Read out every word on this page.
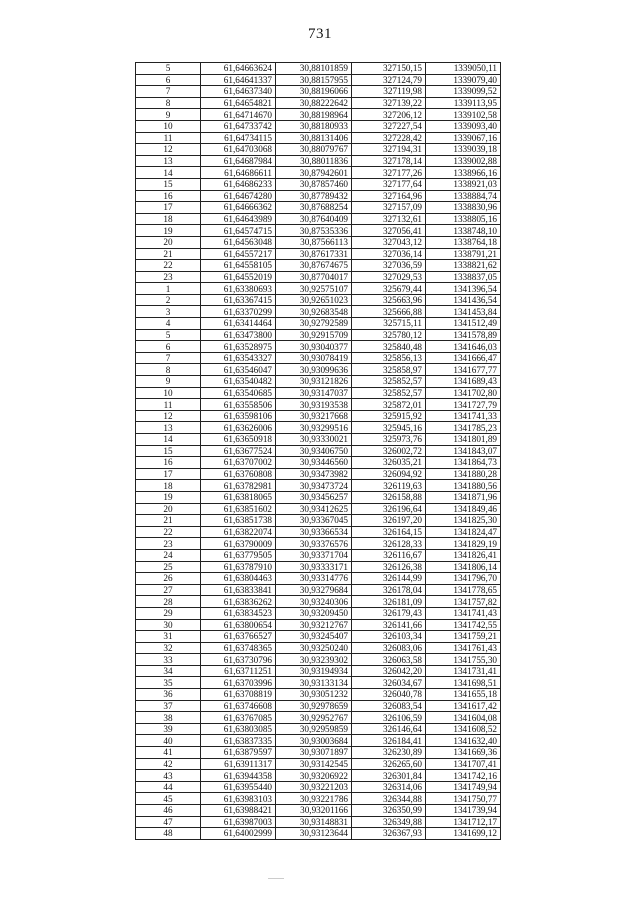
731
5	61,64663624	30,88101859	327150,15	1339050,11
6	61,64641337	30,88157955	327124,79	1339079,40
7	61,64637340	30,88196066	327119,98	1339099,52
8	61,64654821	30,88222642	327139,22	1339113,95
9	61,64714670	30,88198964	327206,12	1339102,58
10	61,64733742	30,88180933	327227,54	1339093,40
11	61,64734115	30,88131406	327228,42	1339067,16
12	61,64703068	30,88079767	327194,31	1339039,18
13	61,64687984	30,88011836	327178,14	1339002,88
14	61,64686611	30,87942601	327177,26	1338966,16
15	61,64686233	30,87857460	327177,64	1338921,03
16	61,64674280	30,87789432	327164,96	1338884,74
17	61,64666362	30,87688254	327157,09	1338830,96
18	61,64643989	30,87640409	327132,61	1338805,16
19	61,64574715	30,87535336	327056,41	1338748,10
20	61,64563048	30,87566113	327043,12	1338764,18
21	61,64557217	30,87617331	327036,14	1338791,21
22	61,64558105	30,87674675	327036,59	1338821,62
23	61,64552019	30,87704017	327029,53	1338837,05
1	61,63380693	30,92575107	325679,44	1341396,54
2	61,63367415	30,92651023	325663,96	1341436,54
3	61,63370299	30,92683548	325666,88	1341453,84
4	61,63414464	30,92792589	325715,11	1341512,49
5	61,63473800	30,92915709	325780,12	1341578,89
6	61,63528975	30,93040377	325840,48	1341646,03
7	61,63543327	30,93078419	325856,13	1341666,47
8	61,63546047	30,93099636	325858,97	1341677,77
9	61,63540482	30,93121826	325852,57	1341689,43
10	61,63540685	30,93147037	325852,57	1341702,80
11	61,63558506	30,93193538	325872,01	1341727,79
12	61,63598106	30,93217668	325915,92	1341741,33
13	61,63626006	30,93299516	325945,16	1341785,23
14	61,63650918	30,93330021	325973,76	1341801,89
15	61,63677524	30,93406750	326002,72	1341843,07
16	61,63707002	30,93446560	326035,21	1341864,73
17	61,63760808	30,93473982	326094,92	1341880,28
18	61,63782981	30,93473724	326119,63	1341880,56
19	61,63818065	30,93456257	326158,88	1341871,96
20	61,63851602	30,93412625	326196,64	1341849,46
21	61,63851738	30,93367045	326197,20	1341825,30
22	61,63822074	30,93366534	326164,15	1341824,47
23	61,63790009	30,93376576	326128,33	1341829,19
24	61,63779505	30,93371704	326116,67	1341826,41
25	61,63787910	30,93333171	326126,38	1341806,14
26	61,63804463	30,93314776	326144,99	1341796,70
27	61,63833841	30,93279684	326178,04	1341778,65
28	61,63836262	30,93240306	326181,09	1341757,82
29	61,63834523	30,93209450	326179,43	1341741,43
30	61,63800654	30,93212767	326141,66	1341742,55
31	61,63766527	30,93245407	326103,34	1341759,21
32	61,63748365	30,93250240	326083,06	1341761,43
33	61,63730796	30,93239302	326063,58	1341755,30
34	61,63711251	30,93194934	326042,20	1341731,41
35	61,63703996	30,93133134	326034,67	1341698,51
36	61,63708819	30,93051232	326040,78	1341655,18
37	61,63746608	30,92978659	326083,54	1341617,42
38	61,63767085	30,92952767	326106,59	1341604,08
39	61,63803085	30,92959859	326146,64	1341608,52
40	61,63837335	30,93003684	326184,41	1341632,40
41	61,63879597	30,93071897	326230,89	1341669,36
42	61,63911317	30,93142545	326265,60	1341707,41
43	61,63944358	30,93206922	326301,84	1341742,16
44	61,63955440	30,93221203	326314,06	1341749,94
45	61,63983103	30,93221786	326344,88	1341750,77
46	61,63988421	30,93201166	326350,99	1341739,94
47	61,63987003	30,93148831	326349,88	1341712,17
48	61,64002999	30,93123644	326367,93	1341699,12
